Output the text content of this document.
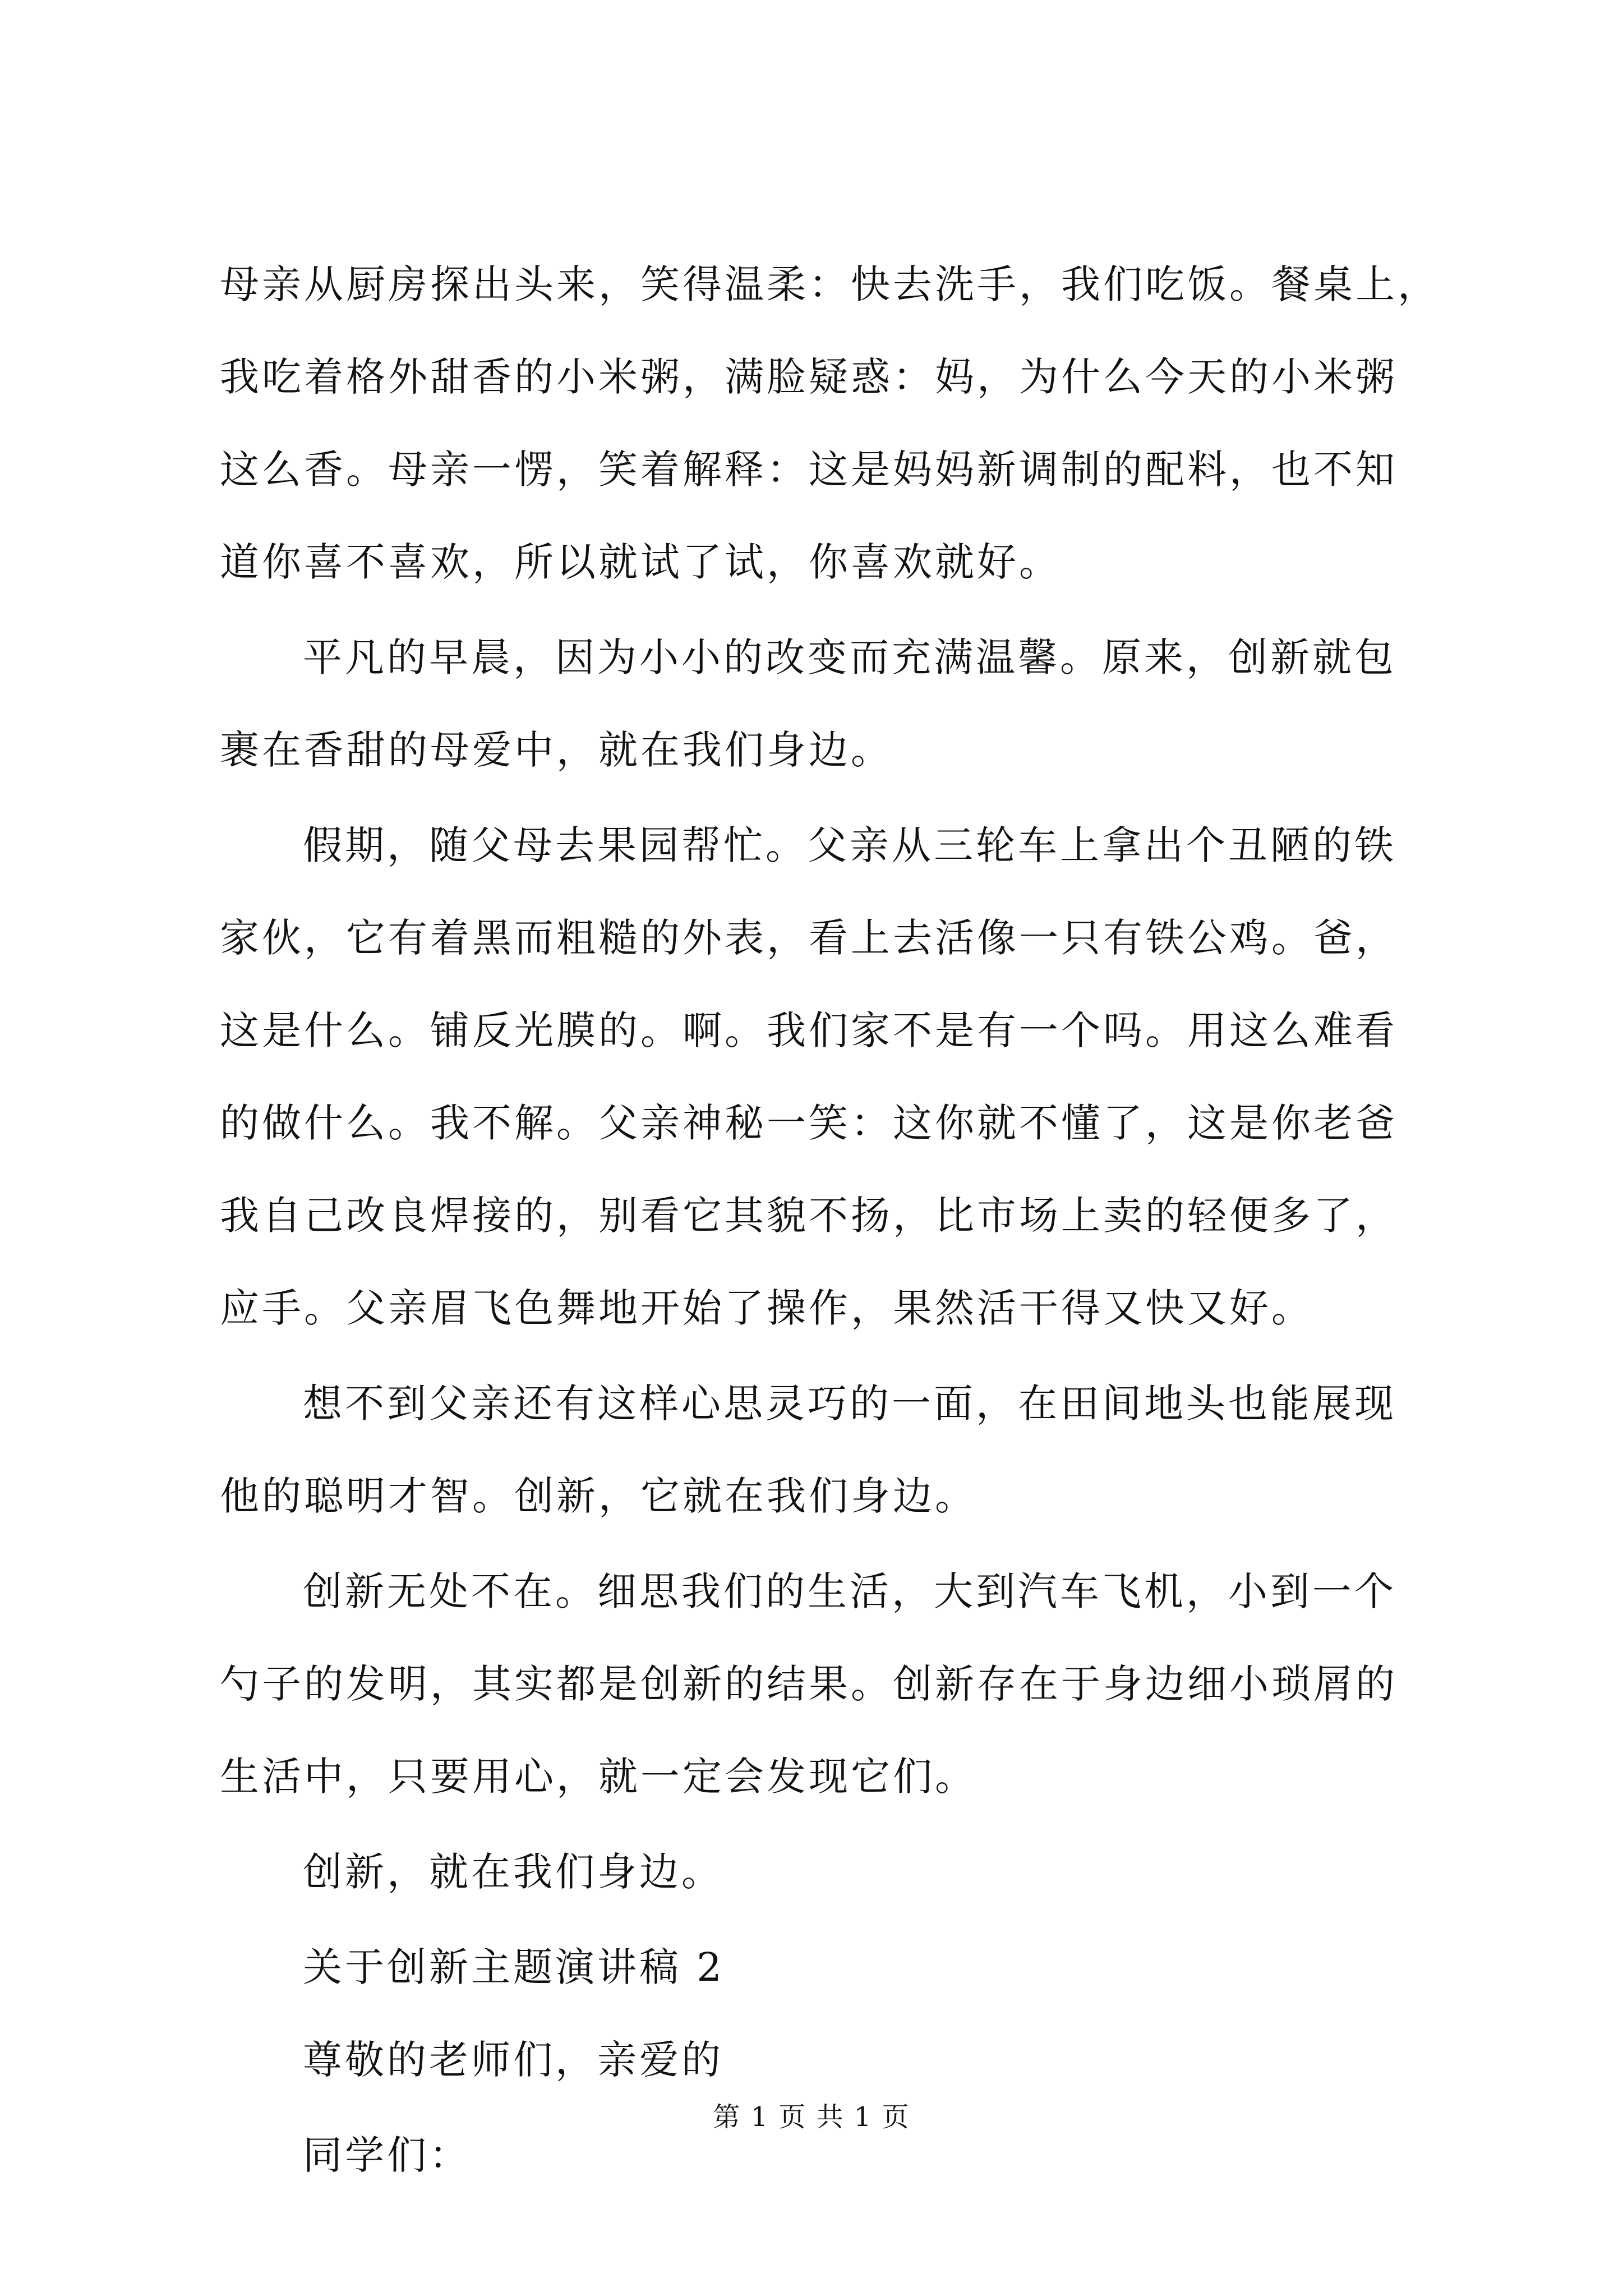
母亲从厨房探出头来，笑得温柔：快去洗手，我们吃饭。餐桌上，
我吃着格外甜香的小米粥，满脸疑惑：妈，为什么今天的小米粥
这么香。母亲一愣，笑着解释：这是妈妈新调制的配料，也不知
道你喜不喜欢，所以就试了试，你喜欢就好。
平凡的早晨，因为小小的改变而充满温馨。原来，创新就包
裹在香甜的母爱中，就在我们身边。
假期，随父母去果园帮忙。父亲从三轮车上拿出个丑陋的铁
家伙，它有着黑而粗糙的外表，看上去活像一只有铁公鸡。爸，
这是什么。铺反光膜的。啊。我们家不是有一个吗。用这么难看
的做什么。我不解。父亲神秘一笑：这你就不懂了，这是你老爸
我自己改良焊接的，别看它其貌不扬，比市场上卖的轻便多了，
应手。父亲眉飞色舞地开始了操作，果然活干得又快又好。
想不到父亲还有这样心思灵巧的一面，在田间地头也能展现
他的聪明才智。创新，它就在我们身边。
创新无处不在。细思我们的生活，大到汽车飞机，小到一个
勺子的发明，其实都是创新的结果。创新存在于身边细小琐屑的
生活中，只要用心，就一定会发现它们。
创新，就在我们身边。
关于创新主题演讲稿 2
尊敬的老师们，亲爱的
同学们：
第 1 页 共 1 页
